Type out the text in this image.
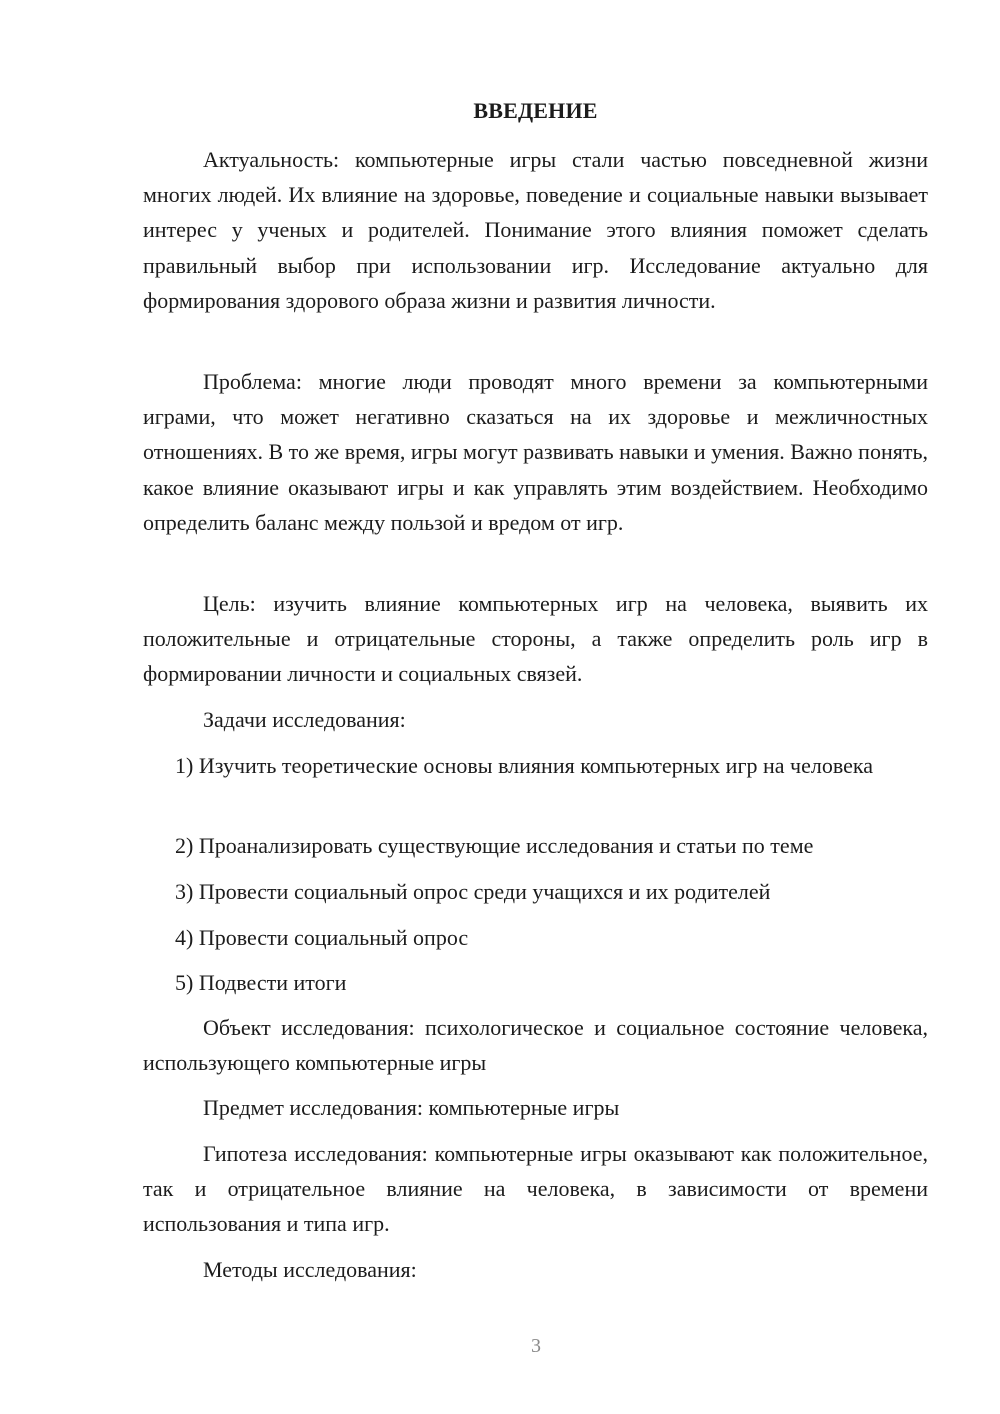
ВВЕДЕНИЕ

Актуальность: компьютерные игры стали частью повседневной жизни многих людей. Их влияние на здоровье, поведение и социальные навыки вызывает интерес у ученых и родителей. Понимание этого влияния поможет сделать правильный выбор при использовании игр. Исследование актуально для формирования здорового образа жизни и развития личности.

Проблема: многие люди проводят много времени за компьютерными играми, что может негативно сказаться на их здоровье и межличностных отношениях. В то же время, игры могут развивать навыки и умения. Важно понять, какое влияние оказывают игры и как управлять этим воздействием. Необходимо определить баланс между пользой и вредом от игр.

Цель: изучить влияние компьютерных игр на человека, выявить их положительные и отрицательные стороны, а также определить роль игр в формировании личности и социальных связей.

Задачи исследования:

1) Изучить теоретические основы влияния компьютерных игр на человека

2) Проанализировать существующие исследования и статьи по теме

3) Провести социальный опрос среди учащихся и их родителей

4) Провести социальный опрос

5) Подвести итоги

Объект исследования: психологическое и социальное состояние человека, использующего компьютерные игры

Предмет исследования: компьютерные игры

Гипотеза исследования: компьютерные игры оказывают как положительное, так и отрицательное влияние на человека, в зависимости от времени использования и типа игр.

Методы исследования:

3
